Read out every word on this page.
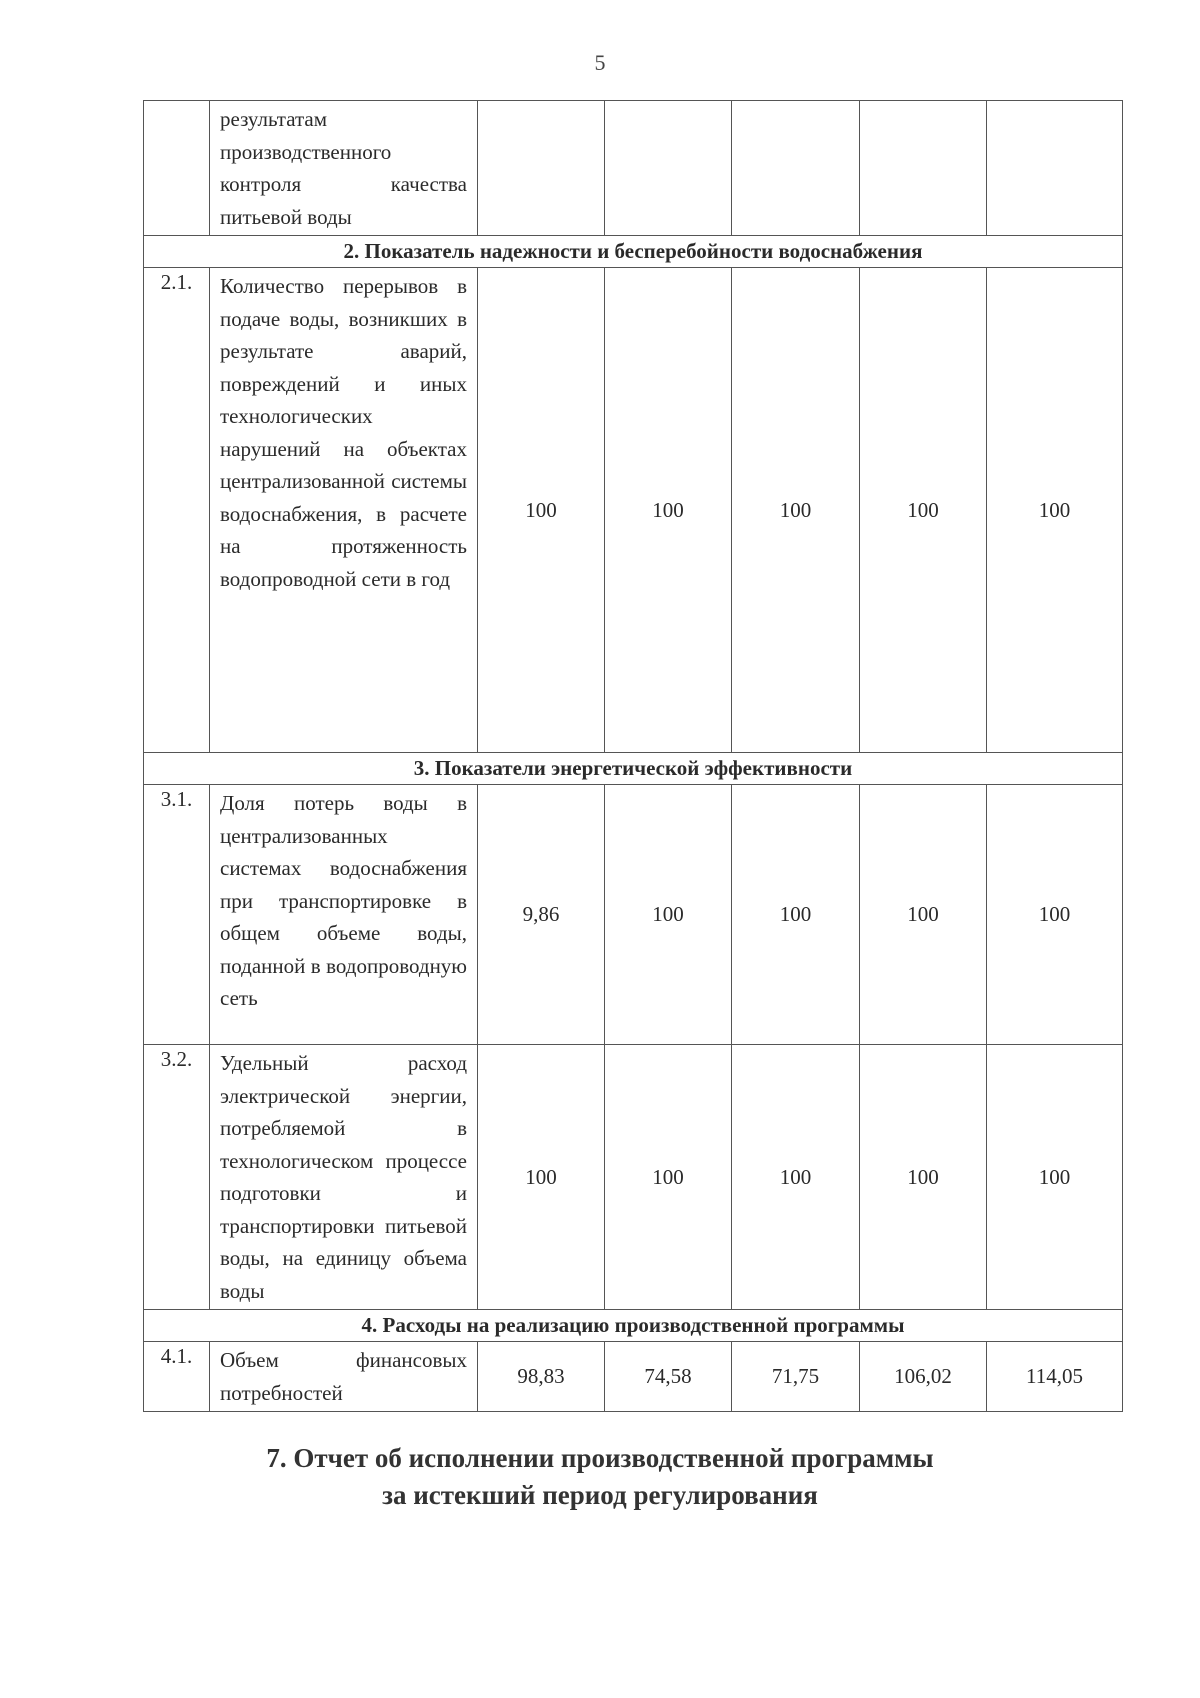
5
	результатам производственного контроля качества питьевой воды					
2. Показатель надежности и бесперебойности водоснабжения						
2.1.	Количество перерывов в подаче воды, возникших в результате аварий, повреждений и иных технологических нарушений на объектах централизованной системы водоснабжения, в расчете на протяженность водопроводной сети в год	100	100	100	100	100
3. Показатели энергетической эффективности						
3.1.	Доля потерь воды в централизованных системах водоснабжения при транспортировке в общем объеме воды, поданной в водопроводную сеть	9,86	100	100	100	100
3.2.	Удельный расход электрической энергии, потребляемой в технологическом процессе подготовки и транспортировки питьевой воды, на единицу объема воды	100	100	100	100	100
4. Расходы на реализацию производственной программы						
4.1.	Объем финансовых потребностей	98,83	74,58	71,75	106,02	114,05
7. Отчет об исполнении производственной программы
за истекший период регулирования
